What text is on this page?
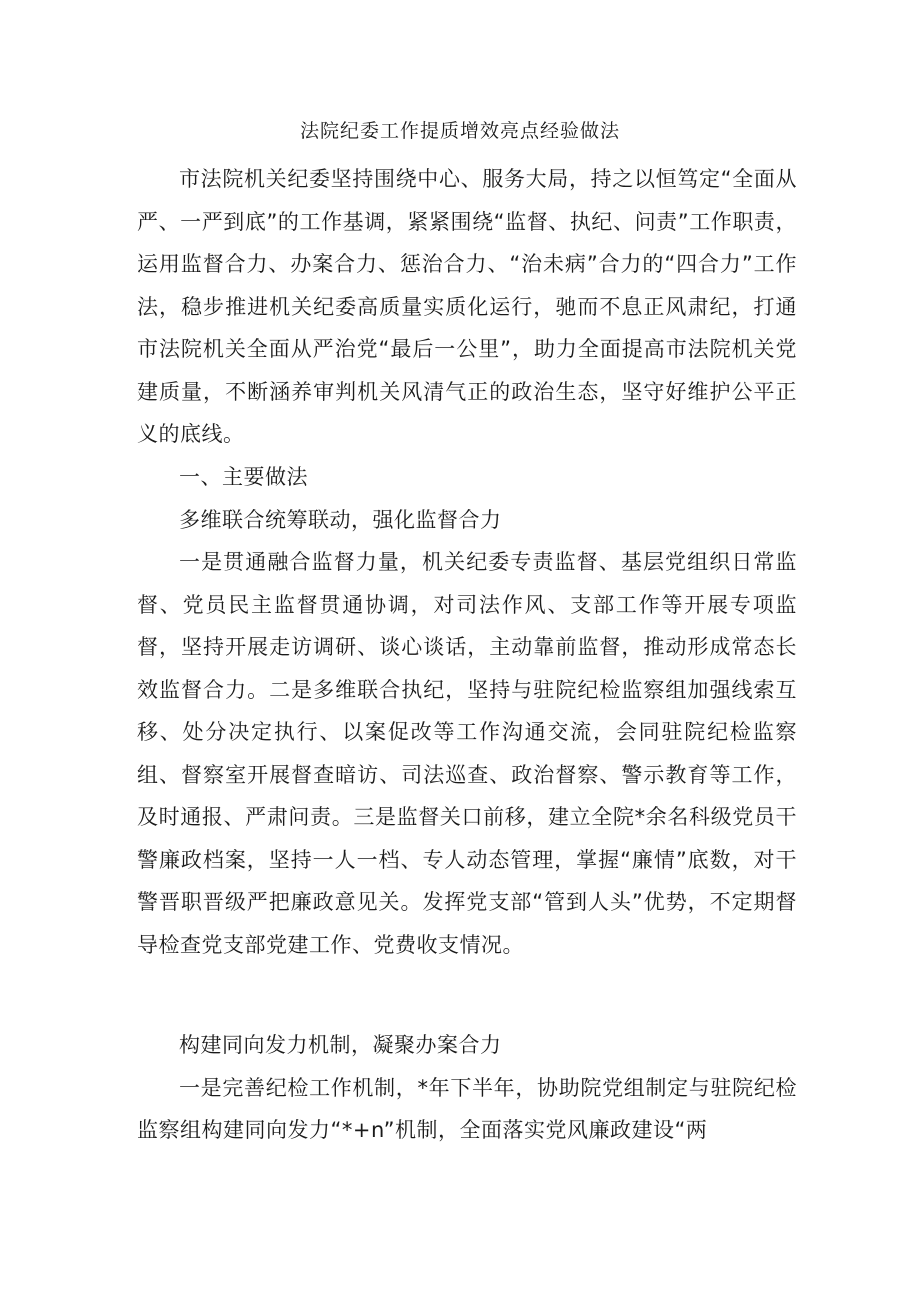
法院纪委工作提质增效亮点经验做法

市法院机关纪委坚持围绕中心、服务大局，持之以恒笃定“全面从严、一严到底”的工作基调，紧紧围绕“监督、执纪、问责”工作职责，运用监督合力、办案合力、惩治合力、“治未病”合力的“四合力”工作法，稳步推进机关纪委高质量实质化运行，驰而不息正风肃纪，打通市法院机关全面从严治党“最后一公里”，助力全面提高市法院机关党建质量，不断涵养审判机关风清气正的政治生态，坚守好维护公平正义的底线。

一、主要做法

多维联合统筹联动，强化监督合力

一是贯通融合监督力量，机关纪委专责监督、基层党组织日常监督、党员民主监督贯通协调，对司法作风、支部工作等开展专项监督，坚持开展走访调研、谈心谈话，主动靠前监督，推动形成常态长效监督合力。二是多维联合执纪，坚持与驻院纪检监察组加强线索互移、处分决定执行、以案促改等工作沟通交流，会同驻院纪检监察组、督察室开展督查暗访、司法巡查、政治督察、警示教育等工作，及时通报、严肃问责。三是监督关口前移，建立全院*余名科级党员干警廉政档案，坚持一人一档、专人动态管理，掌握“廉情”底数，对干警晋职晋级严把廉政意见关。发挥党支部“管到人头”优势，不定期督导检查党支部党建工作、党费收支情况。

构建同向发力机制，凝聚办案合力

一是完善纪检工作机制，*年下半年，协助院党组制定与驻院纪检监察组构建同向发力“*+n”机制，全面落实党风廉政建设“两
